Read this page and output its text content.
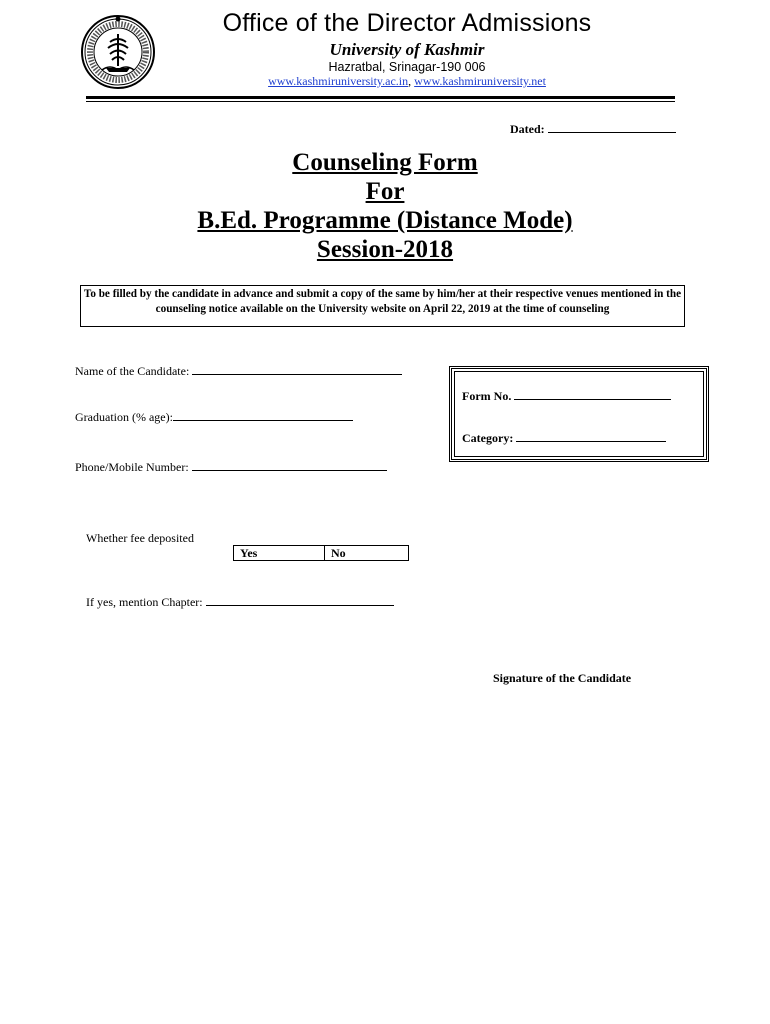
Office of the Director Admissions
University of Kashmir
Hazratbal, Srinagar-190 006
www.kashmiruniversity.ac.in, www.kashmiruniversity.net
Dated:
Counseling Form
For
B.Ed. Programme (Distance Mode)
Session-2018
To be filled by the candidate in advance and submit a copy of the same by him/her at their respective venues mentioned in the counseling notice available on the University website on April 22, 2019 at the time of counseling
Name of the Candidate:
Graduation (% age):
Phone/Mobile Number:
Form No.
Category:
Whether fee deposited
Yes	No
If yes, mention Chapter:
Signature of the Candidate
